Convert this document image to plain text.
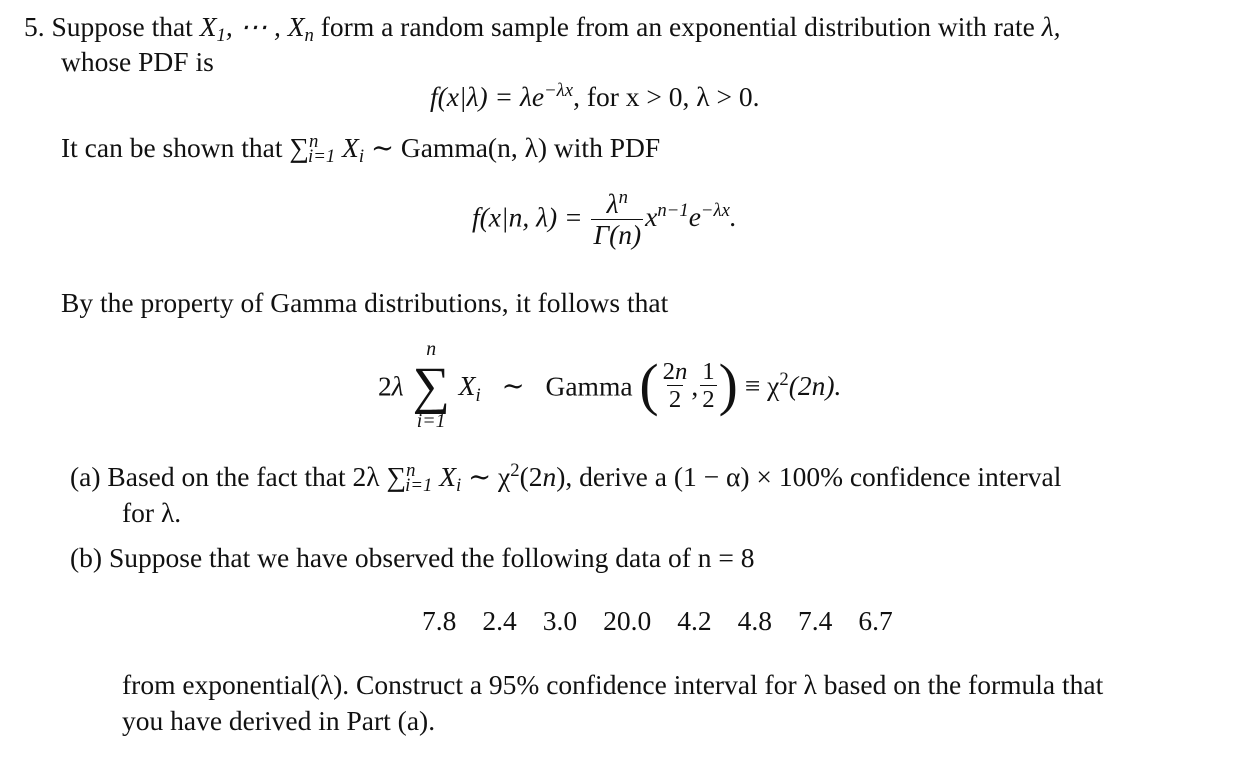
5. Suppose that $X_1$, ⋯ , $X_n$ form a random sample from an exponential distribution with rate λ,
whose PDF is
$f(x|\lambda) = \lambda e^{-\lambda x}$, for x > 0, λ > 0.
It can be shown that ∑$^n_{i=1}$ $X_i$ ∼ Gamma(n, λ) with PDF
f(x|n, $\lambda) = \frac{\lambda^n}{\Gamma(n)} x^{n-1}e^{-\lambda x}$.
By the property of Gamma distributions, it follows that
2λ
n
∑
i=1
$X_i$ ∼ Gamma ( $\frac{2n}{2}$ , $\frac{1}{2}$ ) ≡ $\chi^2(2n)$.
(a) Based on the fact that 2λ ∑$^n_{i=1}$ $X_i$ ∼ $\chi^2(2n)$, derive a (1 − α) × 100% confidence interval
for λ.
(b) Suppose that we have observed the following data of n = 8
7.8 2.4 3.0 20.0 4.2 4.8 7.4 6.7
from exponential(λ). Construct a 95% confidence interval for λ based on the formula that
you have derived in Part (a).
